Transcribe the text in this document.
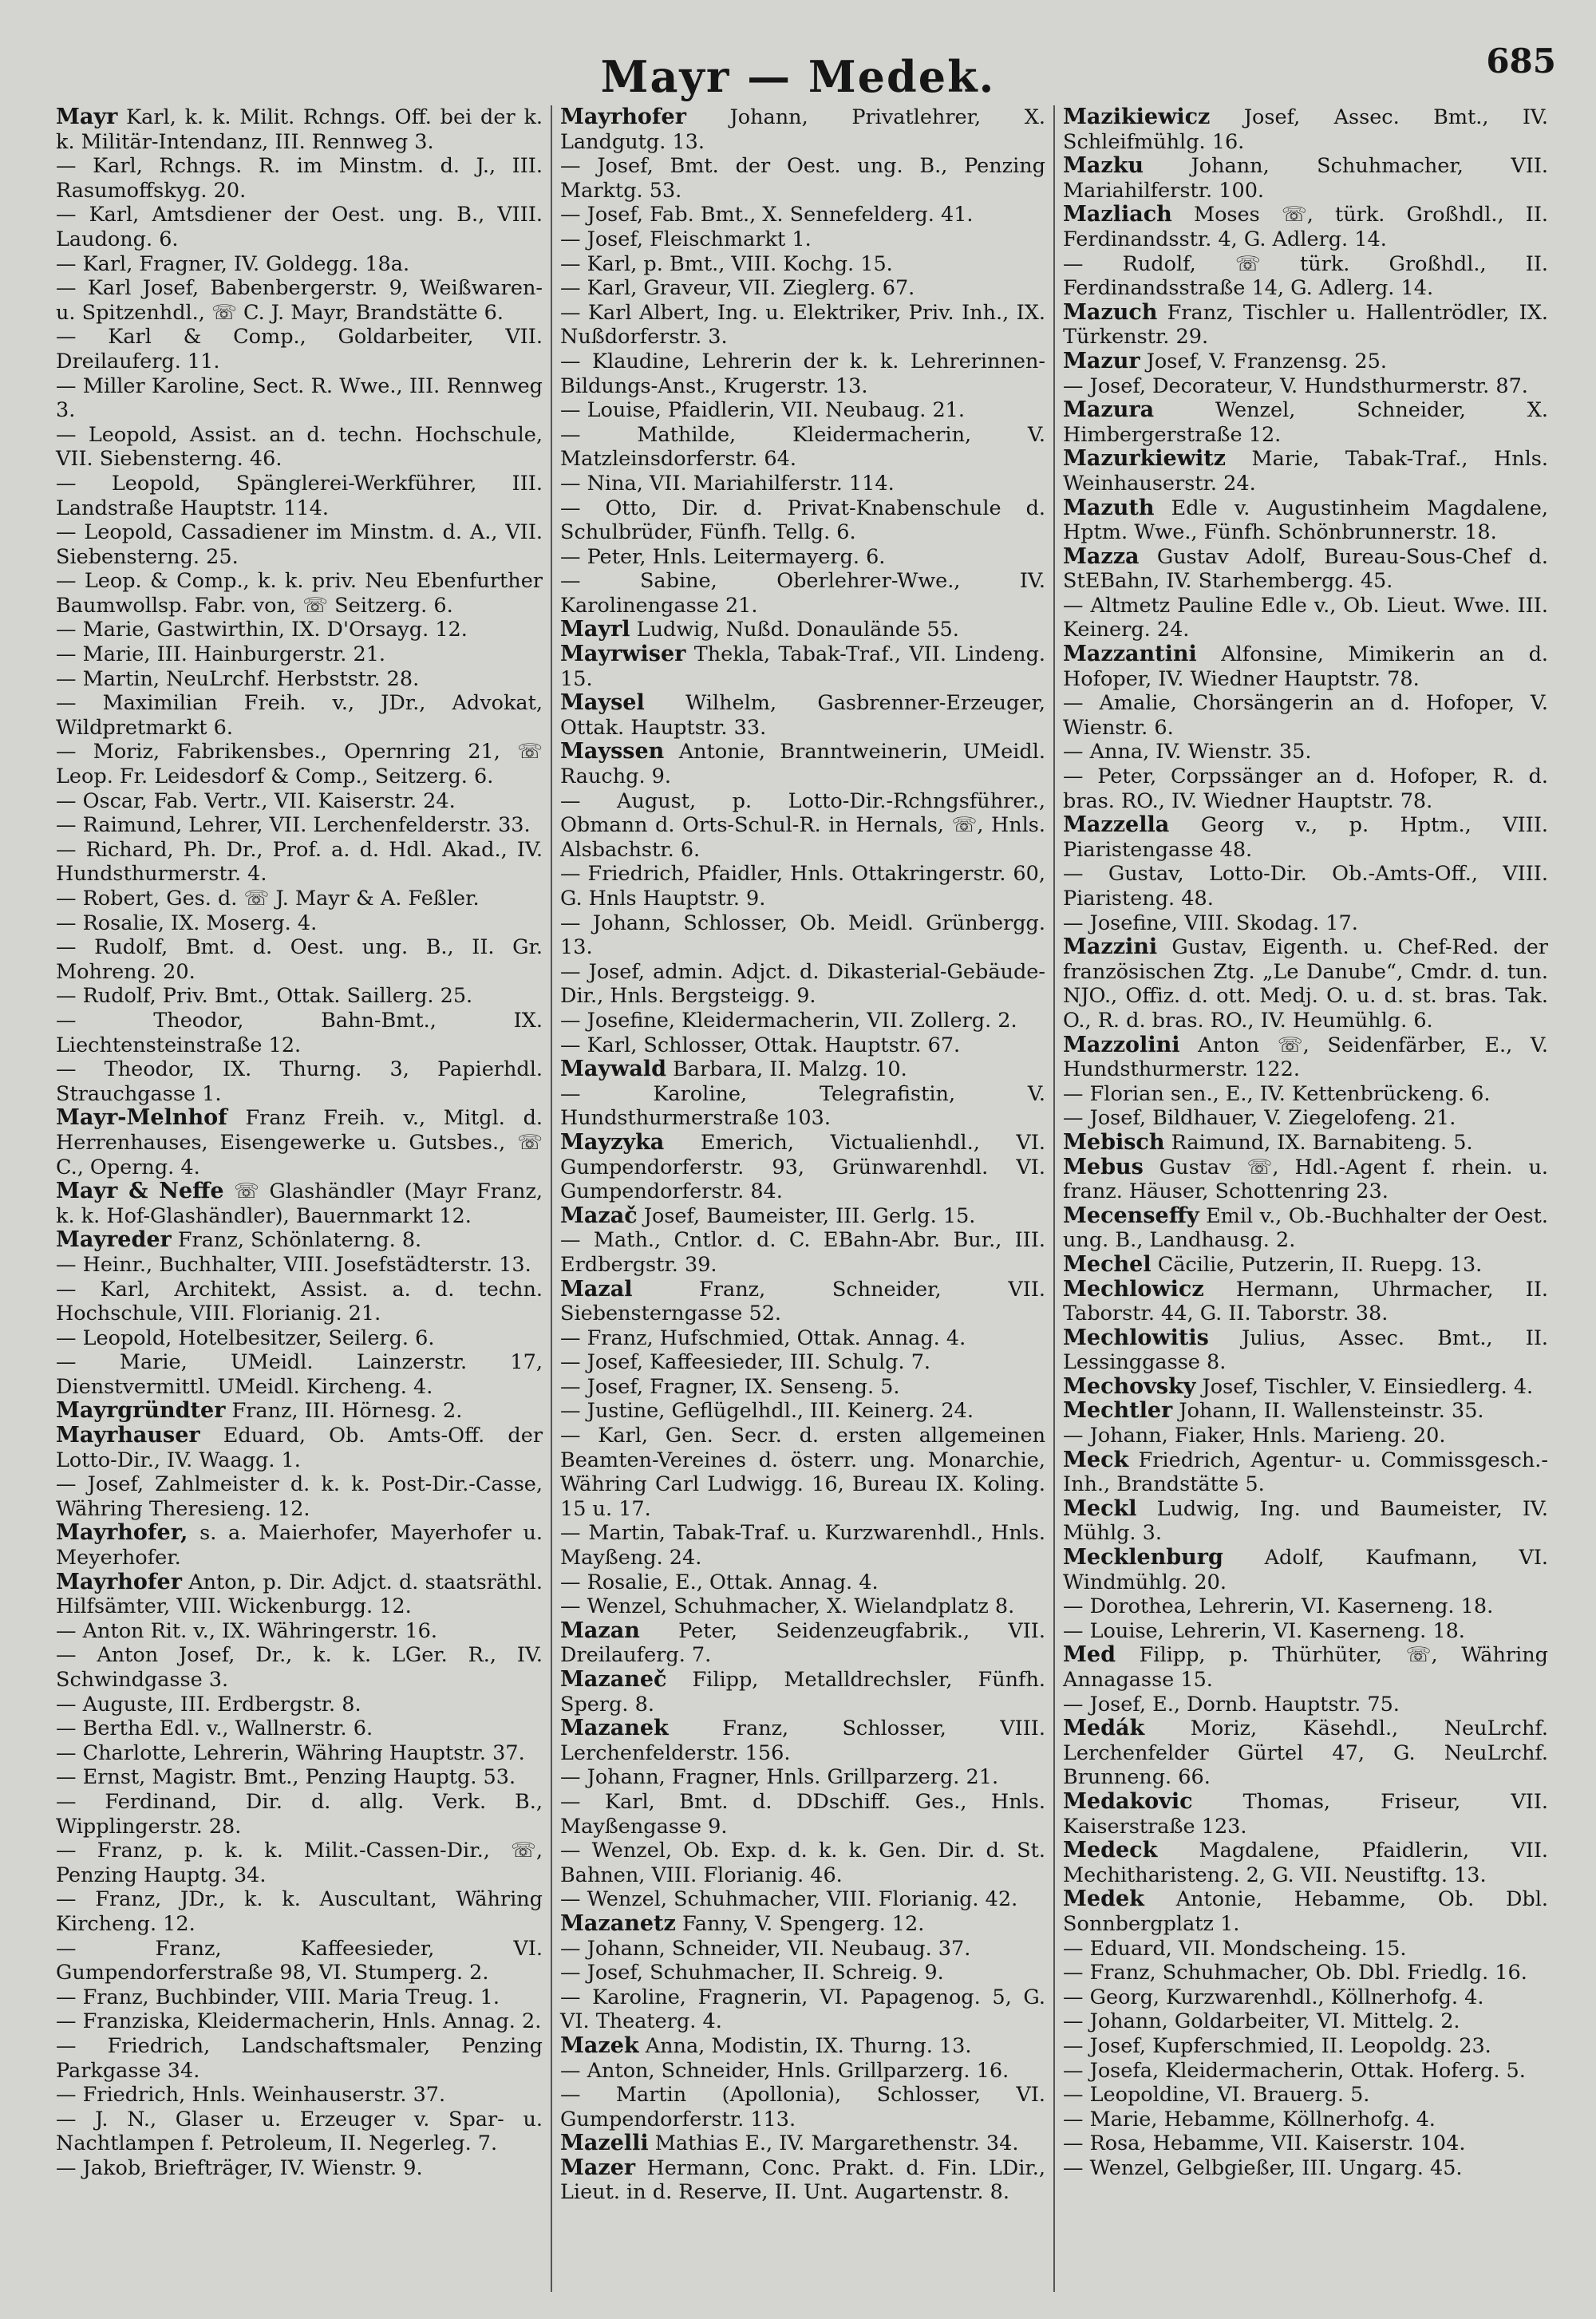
Mayr — Medek.	685

Mayr Karl, k. k. Milit. Rchngs. Off. bei der k. k. Militär-Intendanz, III. Rennweg 3.

— Karl, Rchngs. R. im Minstm. d. J., III. Rasumoffskyg. 20.

— Karl, Amtsdiener der Oest. ung. B., VIII. Laudong. 6.

— Karl, Fragner, IV. Goldegg. 18a.

— Karl Josef, Babenbergerstr. 9, Weißwaren- u. Spitzenhdl., ☏ C. J. Mayr, Brandstätte 6.

— Karl & Comp., Goldarbeiter, VII. Dreilauferg. 11.

— Miller Karoline, Sect. R. Wwe., III. Rennweg 3.

— Leopold, Assist. an d. techn. Hochschule, VII. Siebensterng. 46.

— Leopold, Spänglerei-Werkführer, III. Landstraße Hauptstr. 114.

— Leopold, Cassadiener im Minstm. d. A., VII. Siebensterng. 25.

— Leop. & Comp., k. k. priv. Neu Ebenfurther Baumwollsp. Fabr. von, ☏ Seitzerg. 6.

— Marie, Gastwirthin, IX. D'Orsayg. 12.

— Marie, III. Hainburgerstr. 21.

— Martin, NeuLrchf. Herbststr. 28.

— Maximilian Freih. v., JDr., Advokat, Wildpretmarkt 6.

— Moriz, Fabrikensbes., Opernring 21, ☏ Leop. Fr. Leidesdorf & Comp., Seitzerg. 6.

— Oscar, Fab. Vertr., VII. Kaiserstr. 24.

— Raimund, Lehrer, VII. Lerchenfelderstr. 33.

— Richard, Ph. Dr., Prof. a. d. Hdl. Akad., IV. Hundsthurmerstr. 4.

— Robert, Ges. d. ☏ J. Mayr & A. Feßler.

— Rosalie, IX. Moserg. 4.

— Rudolf, Bmt. d. Oest. ung. B., II. Gr. Mohreng. 20.

— Rudolf, Priv. Bmt., Ottak. Saillerg. 25.

— Theodor, Bahn-Bmt., IX. Liechtensteinstraße 12.

— Theodor, IX. Thurng. 3, Papierhdl. Strauchgasse 1.

Mayr-Melnhof Franz Freih. v., Mitgl. d. Herrenhauses, Eisengewerke u. Gutsbes., ☏ C., Operng. 4.

Mayr & Neffe ☏ Glashändler (Mayr Franz, k. k. Hof-Glashändler), Bauernmarkt 12.

Mayreder Franz, Schönlaterng. 8.

— Heinr., Buchhalter, VIII. Josefstädterstr. 13.

— Karl, Architekt, Assist. a. d. techn. Hochschule, VIII. Florianig. 21.

— Leopold, Hotelbesitzer, Seilerg. 6.

— Marie, UMeidl. Lainzerstr. 17, Dienstvermittl. UMeidl. Kircheng. 4.

Mayrgründter Franz, III. Hörnesg. 2.

Mayrhauser Eduard, Ob. Amts-Off. der Lotto-Dir., IV. Waagg. 1.

— Josef, Zahlmeister d. k. k. Post-Dir.-Casse, Währing Theresieng. 12.

Mayrhofer, s. a. Maierhofer, Mayerhofer u. Meyerhofer.

Mayrhofer Anton, p. Dir. Adjct. d. staatsräthl. Hilfsämter, VIII. Wickenburgg. 12.

— Anton Rit. v., IX. Währingerstr. 16.

— Anton Josef, Dr., k. k. LGer. R., IV. Schwindgasse 3.

— Auguste, III. Erdbergstr. 8.

— Bertha Edl. v., Wallnerstr. 6.

— Charlotte, Lehrerin, Währing Hauptstr. 37.

— Ernst, Magistr. Bmt., Penzing Hauptg. 53.

— Ferdinand, Dir. d. allg. Verk. B., Wipplingerstr. 28.

— Franz, p. k. k. Milit.-Cassen-Dir., ☏, Penzing Hauptg. 34.

— Franz, JDr., k. k. Auscultant, Währing Kircheng. 12.

— Franz, Kaffeesieder, VI. Gumpendorferstraße 98, VI. Stumperg. 2.

— Franz, Buchbinder, VIII. Maria Treug. 1.

— Franziska, Kleidermacherin, Hnls. Annag. 2.

— Friedrich, Landschaftsmaler, Penzing Parkgasse 34.

— Friedrich, Hnls. Weinhauserstr. 37.

— J. N., Glaser u. Erzeuger v. Spar- u. Nachtlampen f. Petroleum, II. Negerleg. 7.

— Jakob, Briefträger, IV. Wienstr. 9.

Mayrhofer Johann, Privatlehrer, X. Landgutg. 13.

— Josef, Bmt. der Oest. ung. B., Penzing Marktg. 53.

— Josef, Fab. Bmt., X. Sennefelderg. 41.

— Josef, Fleischmarkt 1.

— Karl, p. Bmt., VIII. Kochg. 15.

— Karl, Graveur, VII. Zieglerg. 67.

— Karl Albert, Ing. u. Elektriker, Priv. Inh., IX. Nußdorferstr. 3.

— Klaudine, Lehrerin der k. k. Lehrerinnen-Bildungs-Anst., Krugerstr. 13.

— Louise, Pfaidlerin, VII. Neubaug. 21.

— Mathilde, Kleidermacherin, V. Matzleinsdorferstr. 64.

— Nina, VII. Mariahilferstr. 114.

— Otto, Dir. d. Privat-Knabenschule d. Schulbrüder, Fünfh. Tellg. 6.

— Peter, Hnls. Leitermayerg. 6.

— Sabine, Oberlehrer-Wwe., IV. Karolinengasse 21.

Mayrl Ludwig, Nußd. Donaulände 55.

Mayrwiser Thekla, Tabak-Traf., VII. Lindeng. 15.

Maysel Wilhelm, Gasbrenner-Erzeuger, Ottak. Hauptstr. 33.

Mayssen Antonie, Branntweinerin, UMeidl. Rauchg. 9.

— August, p. Lotto-Dir.-Rchngsführer., Obmann d. Orts-Schul-R. in Hernals, ☏, Hnls. Alsbachstr. 6.

— Friedrich, Pfaidler, Hnls. Ottakringerstr. 60, G. Hnls Hauptstr. 9.

— Johann, Schlosser, Ob. Meidl. Grünbergg. 13.

— Josef, admin. Adjct. d. Dikasterial-Gebäude-Dir., Hnls. Bergsteigg. 9.

— Josefine, Kleidermacherin, VII. Zollerg. 2.

— Karl, Schlosser, Ottak. Hauptstr. 67.

Maywald Barbara, II. Malzg. 10.

— Karoline, Telegrafistin, V. Hundsthurmerstraße 103.

Mayzyka Emerich, Victualienhdl., VI. Gumpendorferstr. 93, Grünwarenhdl. VI. Gumpendorferstr. 84.

Mazač Josef, Baumeister, III. Gerlg. 15.

— Math., Cntlor. d. C. EBahn-Abr. Bur., III. Erdbergstr. 39.

Mazal	Franz, Schneider, VII. Siebensterngasse 52.

— Franz, Hufschmied, Ottak. Annag. 4.

— Josef, Kaffeesieder, III. Schulg. 7.

— Josef, Fragner, IX. Senseng. 5.

— Justine, Geflügelhdl., III. Keinerg. 24.

— Karl, Gen. Secr. d. ersten allgemeinen Beamten-Vereines d. österr. ung. Monarchie, Währing Carl Ludwigg. 16, Bureau IX. Koling. 15 u. 17.

— Martin, Tabak-Traf. u. Kurzwarenhdl., Hnls. Mayßeng. 24.

— Rosalie, E., Ottak. Annag. 4.

— Wenzel, Schuhmacher, X. Wielandplatz 8.

Mazan Peter, Seidenzeugfabrik., VII. Dreilauferg. 7.

Mazaneč Filipp, Metalldrechsler, Fünfh. Sperg. 8.

Mazanek	Franz, Schlosser, VIII. Lerchenfelderstr. 156.

— Johann, Fragner, Hnls. Grillparzerg. 21.

— Karl, Bmt. d. DDschiff. Ges., Hnls. Mayßengasse 9.

— Wenzel, Ob. Exp. d. k. k. Gen. Dir. d. St. Bahnen, VIII. Florianig. 46.

— Wenzel, Schuhmacher, VIII. Florianig. 42.

Mazanetz Fanny, V. Spengerg. 12.

— Johann, Schneider, VII. Neubaug. 37.

— Josef, Schuhmacher, II. Schreig. 9.

— Karoline, Fragnerin, VI. Papagenog. 5, G. VI. Theaterg. 4.

Mazek Anna, Modistin, IX. Thurng. 13.

— Anton, Schneider, Hnls. Grillparzerg. 16.

— Martin (Apollonia), Schlosser, VI. Gumpendorferstr. 113.

Mazelli Mathias E., IV. Margarethenstr. 34.

Mazer Hermann, Conc. Prakt. d. Fin. LDir., Lieut. in d. Reserve, II. Unt. Augartenstr. 8.

Mazikiewicz Josef, Assec. Bmt., IV. Schleifmühlg. 16.

Mazku Johann, Schuhmacher, VII. Mariahilferstr. 100.

Mazliach Moses ☏, türk. Großhdl., II. Ferdinandsstr. 4, G. Adlerg. 14.

— Rudolf, ☏ türk. Großhdl., II. Ferdinandsstraße 14, G. Adlerg. 14.

Mazuch Franz, Tischler u. Hallentrödler, IX. Türkenstr. 29.

Mazur Josef, V. Franzensg. 25.

— Josef, Decorateur, V. Hundsthurmerstr. 87.

Mazura	Wenzel, Schneider, X. Himbergerstraße 12.

Mazurkiewitz Marie, Tabak-Traf., Hnls. Weinhauserstr. 24.

Mazuth Edle v. Augustinheim Magdalene, Hptm. Wwe., Fünfh. Schönbrunnerstr. 18.

Mazza Gustav Adolf, Bureau-Sous-Chef d. StEBahn, IV. Starhembergg. 45.

— Altmetz Pauline Edle v., Ob. Lieut. Wwe. III. Keinerg. 24.

Mazzantini Alfonsine, Mimikerin an d. Hofoper, IV. Wiedner Hauptstr. 78.

— Amalie, Chorsängerin an d. Hofoper, V. Wienstr. 6.

— Anna, IV. Wienstr. 35.

— Peter, Corpssänger an d. Hofoper, R. d. bras. RO., IV. Wiedner Hauptstr. 78.

Mazzella Georg v., p. Hptm., VIII. Piaristengasse 48.

— Gustav, Lotto-Dir. Ob.-Amts-Off., VIII. Piaristeng. 48.

— Josefine, VIII. Skodag. 17.

Mazzini Gustav, Eigenth. u. Chef-Red. der französischen Ztg. „Le Danube“, Cmdr. d. tun. NJO., Offiz. d. ott. Medj. O. u. d. st. bras. Tak. O., R. d. bras. RO., IV. Heumühlg. 6.

Mazzolini Anton ☏, Seidenfärber, E., V. Hundsthurmerstr. 122.

— Florian sen., E., IV. Kettenbrückeng. 6.

— Josef, Bildhauer, V. Ziegelofeng. 21.

Mebisch Raimund, IX. Barnabiteng. 5.

Mebus Gustav ☏, Hdl.-Agent f. rhein. u. franz. Häuser, Schottenring 23.

Mecenseffy Emil v., Ob.-Buchhalter der Oest. ung. B., Landhausg. 2.

Mechel Cäcilie, Putzerin, II. Ruepg. 13.

Mechlowicz Hermann, Uhrmacher, II. Taborstr. 44, G. II. Taborstr. 38.

Mechlowitis Julius, Assec. Bmt., II. Lessinggasse 8.

Mechovsky Josef, Tischler, V. Einsiedlerg. 4.

Mechtler Johann, II. Wallensteinstr. 35.

— Johann, Fiaker, Hnls. Marieng. 20.

Meck Friedrich, Agentur- u. Commissgesch.-Inh., Brandstätte 5.

Meckl Ludwig, Ing. und Baumeister, IV. Mühlg. 3.

Mecklenburg Adolf, Kaufmann, VI. Windmühlg. 20.

— Dorothea, Lehrerin, VI. Kaserneng. 18.

— Louise, Lehrerin, VI. Kaserneng. 18.

Med Filipp, p. Thürhüter, ☏, Währing Annagasse 15.

— Josef, E., Dornb. Hauptstr. 75.

Medák Moriz, Käsehdl., NeuLrchf. Lerchenfelder Gürtel 47, G. NeuLrchf. Brunneng. 66.

Medakovic Thomas, Friseur, VII. Kaiserstraße 123.

Medeck Magdalene, Pfaidlerin, VII. Mechitharisteng. 2, G. VII. Neustiftg. 13.

Medek Antonie, Hebamme, Ob. Dbl. Sonnbergplatz 1.

— Eduard, VII. Mondscheing. 15.

— Franz, Schuhmacher, Ob. Dbl. Friedlg. 16.

— Georg, Kurzwarenhdl., Köllnerhofg. 4.

— Johann, Goldarbeiter, VI. Mittelg. 2.

— Josef, Kupferschmied, II. Leopoldg. 23.

— Josefa, Kleidermacherin, Ottak. Hoferg. 5.

— Leopoldine, VI. Brauerg. 5.

— Marie, Hebamme, Köllnerhofg. 4.

— Rosa, Hebamme, VII. Kaiserstr. 104.

— Wenzel, Gelbgießer, III. Ungarg. 45.
